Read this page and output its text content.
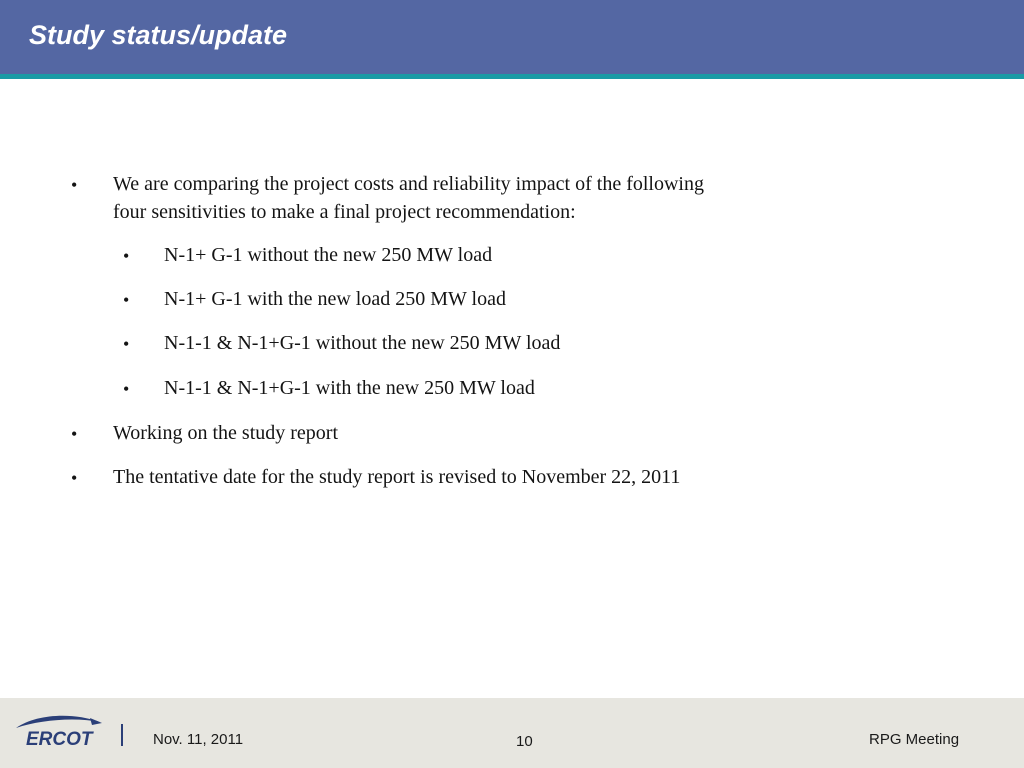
Study status/update
• We are comparing the project costs and reliability impact of the following
four sensitivities to make a final project recommendation:
• N-1+ G-1 without the new 250 MW load
• N-1+ G-1 with the new load 250 MW load
• N-1-1 & N-1+G-1 without the new 250 MW load
• N-1-1 & N-1+G-1 with the new 250 MW load
• Working on the study report
• The tentative date for the study report is revised to November 22, 2011
ERCOT	Nov. 11, 2011	10	RPG Meeting
